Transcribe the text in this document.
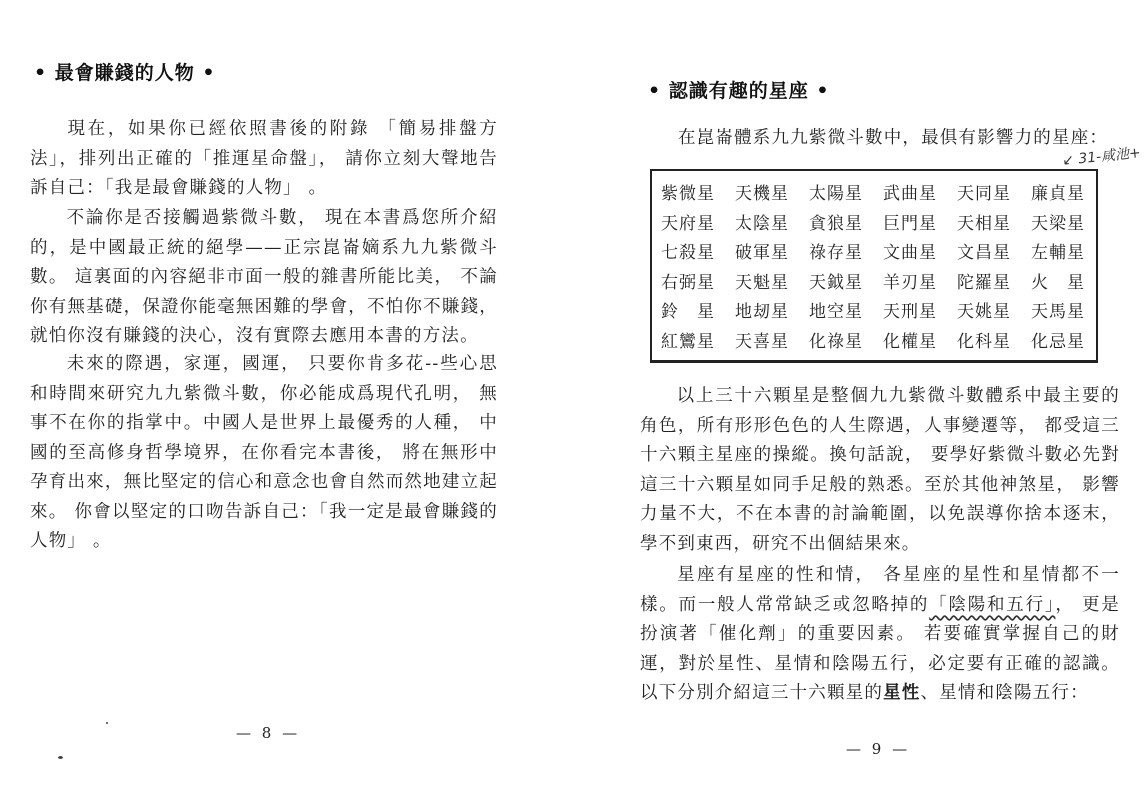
• 最會賺錢的人物 •

現在，如果你已經依照書後的附錄 「簡易排盤方法」，排列出正確的「推運星命盤」， 請你立刻大聲地告訴自己：「我是最會賺錢的人物」 。

不論你是否接觸過紫微斗數， 現在本書爲您所介紹的，是中國最正統的絕學——正宗崑崙嫡系九九紫微斗數。 這裏面的內容絕非市面一般的雜書所能比美， 不論你有無基礎，保證你能毫無困難的學會，不怕你不賺錢， 就怕你沒有賺錢的決心，沒有實際去應用本書的方法。

未來的際遇，家運，國運， 只要你肯多花--些心思和時間來研究九九紫微斗數，你必能成爲現代孔明， 無事不在你的指掌中。中國人是世界上最優秀的人種， 中國的至高修身哲學境界，在你看完本書後， 將在無形中孕育出來，無比堅定的信心和意念也會自然而然地建立起來。 你會以堅定的口吻告訴自己：「我一定是最會賺錢的人物」 。

— 8 —
• 認識有趣的星座 •
在崑崙體系九九紫微斗數中，最俱有影響力的星座：
↙ 31-咸池+
紫微星	天機星	太陽星	武曲星	天同星	廉貞星
天府星	太陰星	貪狼星	巨門星	天相星	天梁星
七殺星	破軍星	祿存星	文曲星	文昌星	左輔星
右弼星	天魁星	天鉞星	羊刃星	陀羅星	火　星
鈴　星	地刼星	地空星	天刑星	天姚星	天馬星
紅鸞星	天喜星	化祿星	化權星	化科星	化忌星

以上三十六顆星是整個九九紫微斗數體系中最主要的 角色，所有形形色色的人生際遇，人事變遷等， 都受這三十六顆主星座的操縱。換句話說， 要學好紫微斗數必先對這三十六顆星如同手足般的熟悉。至於其他神煞星， 影響力量不大，不在本書的討論範圍，以免誤導你捨本逐末， 學不到東西，研究不出個結果來。

星座有星座的性和情， 各星座的星性和星情都不一樣。而一般人常常缺乏或忽略掉的「陰陽和五行」， 更是扮演著「催化劑」的重要因素。 若要確實掌握自己的財運，對於星性、星情和陰陽五行，必定要有正確的認識。 以下分別介紹這三十六顆星的星性、星情和陰陽五行：

— 9 —
